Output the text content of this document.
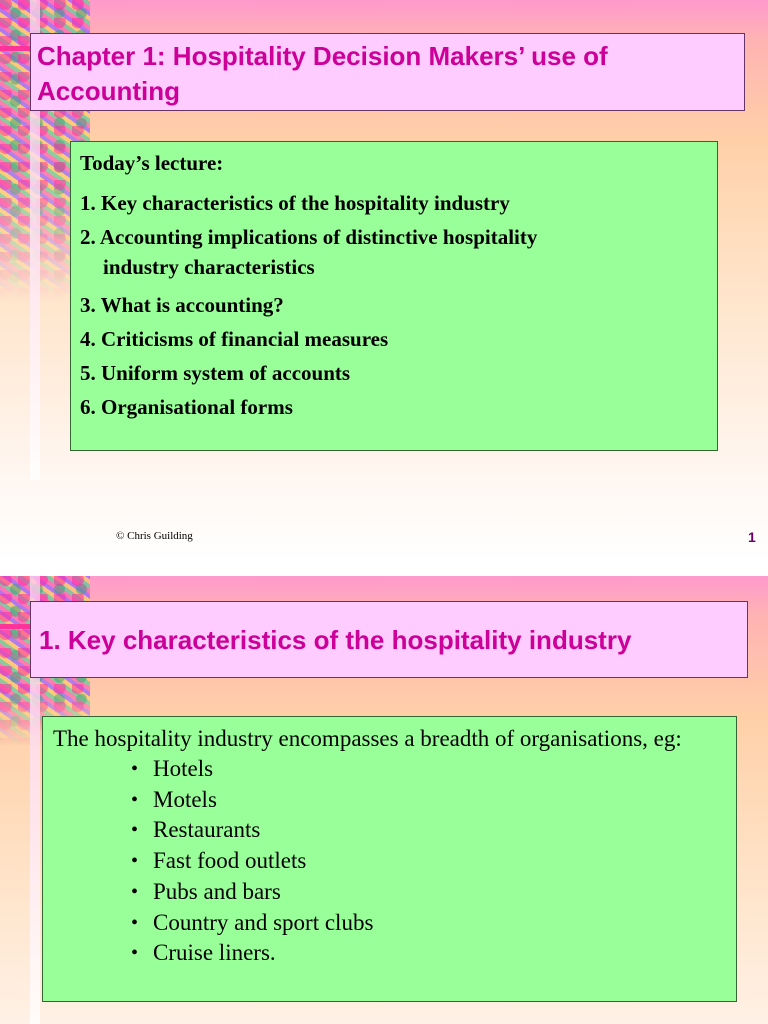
Chapter 1: Hospitality Decision Makers’ use of Accounting
Today’s lecture:
1. Key characteristics of the hospitality industry
2. Accounting implications of distinctive hospitality
industry characteristics
3. What is accounting?
4. Criticisms of financial measures
5. Uniform system of accounts
6. Organisational forms
© Chris Guilding	1
1. Key characteristics of the hospitality industry
The hospitality industry encompasses a breadth of organisations, eg:
• Hotels
• Motels
• Restaurants
• Fast food outlets
• Pubs and bars
• Country and sport clubs
• Cruise liners.
